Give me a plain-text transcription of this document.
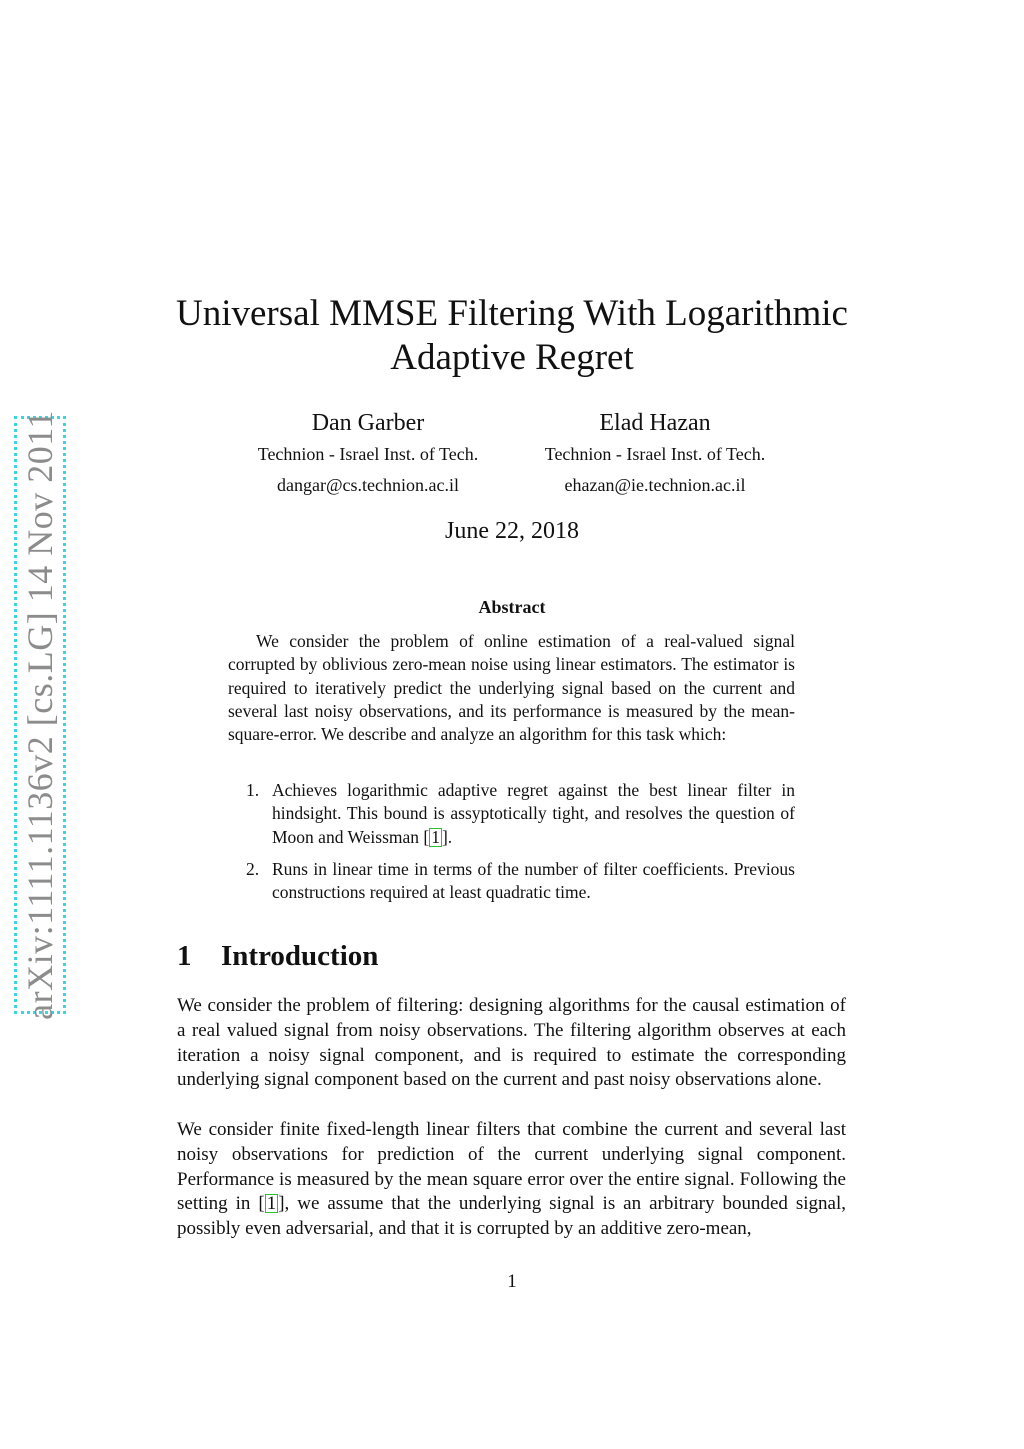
arXiv:1111.1136v2 [cs.LG] 14 Nov 2011
Universal MMSE Filtering With Logarithmic
Adaptive Regret
Dan Garber
Technion - Israel Inst. of Tech.
dangar@cs.technion.ac.il
Elad Hazan
Technion - Israel Inst. of Tech.
ehazan@ie.technion.ac.il
June 22, 2018
Abstract

We consider the problem of online estimation of a real-valued signal corrupted by oblivious zero-mean noise using linear estimators. The estimator is required to iteratively predict the underlying signal based on the current and several last noisy observations, and its performance is measured by the mean-square-error. We describe and analyze an algorithm for this task which:

1. Achieves logarithmic adaptive regret against the best linear filter in hindsight. This bound is assyptotically tight, and resolves the question of Moon and Weissman [ 1 ].
2. Runs in linear time in terms of the number of filter coefficients. Previous constructions required at least quadratic time.
1 Introduction

We consider the problem of filtering: designing algorithms for the causal estimation of a real valued signal from noisy observations. The filtering algorithm observes at each iteration a noisy signal component, and is required to estimate the corresponding underlying signal component based on the current and past noisy observations alone.

We consider finite fixed-length linear filters that combine the current and several last noisy observations for prediction of the current underlying signal component. Performance is measured by the mean square error over the entire signal. Following the setting in [ 1 ], we assume that the underlying signal is an arbitrary bounded signal, possibly even adversarial, and that it is corrupted by an additive zero-mean,

1
